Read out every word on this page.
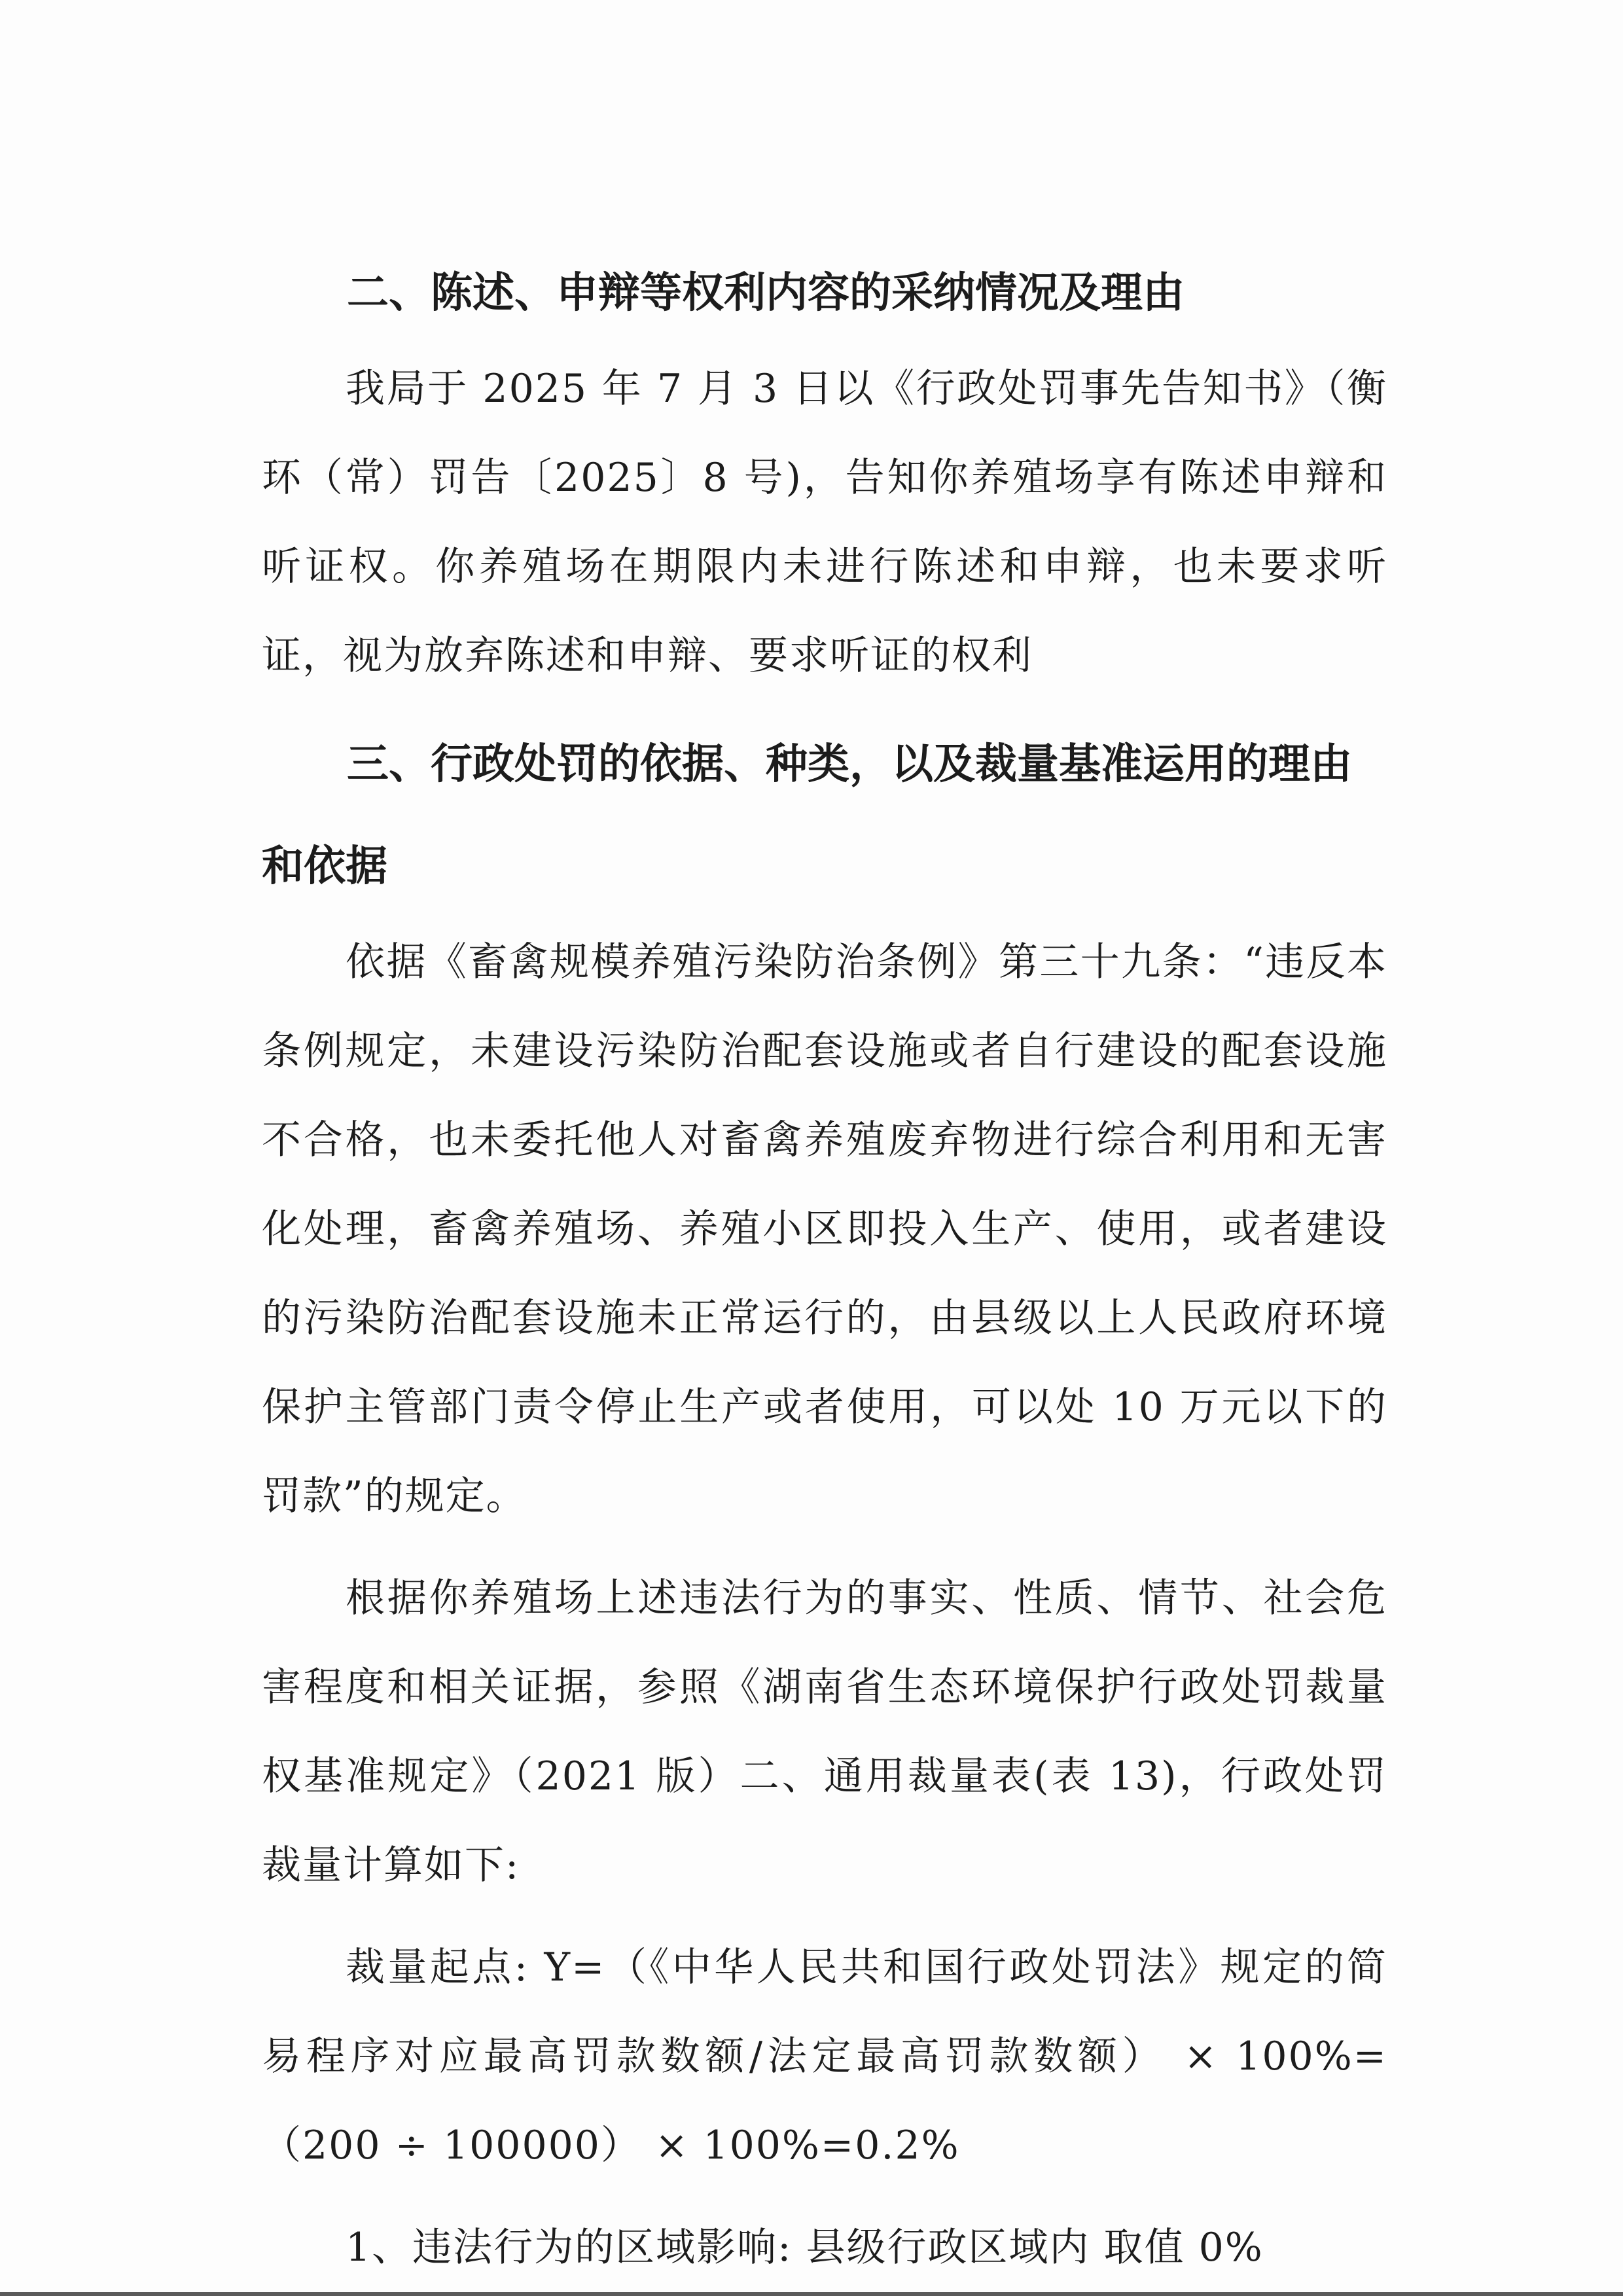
二、陈述、申辩等权利内容的采纳情况及理由

我局于 2025 年 7 月 3 日以《行政处罚事先告知书》（衡环（常）罚告〔2025〕8 号)，告知你养殖场享有陈述申辩和听证权。你养殖场在期限内未进行陈述和申辩，也未要求听证，视为放弃陈述和申辩、要求听证的权利

三、行政处罚的依据、种类，以及裁量基准运用的理由和依据

依据《畜禽规模养殖污染防治条例》第三十九条：“违反本条例规定，未建设污染防治配套设施或者自行建设的配套设施不合格，也未委托他人对畜禽养殖废弃物进行综合利用和无害化处理，畜禽养殖场、养殖小区即投入生产、使用，或者建设的污染防治配套设施未正常运行的，由县级以上人民政府环境保护主管部门责令停止生产或者使用，可以处 10 万元以下的罚款”的规定。

根据你养殖场上述违法行为的事实、性质、情节、社会危害程度和相关证据，参照《湖南省生态环境保护行政处罚裁量权基准规定》（2021 版）二、通用裁量表(表 13)，行政处罚裁量计算如下:

裁量起点: Y=（《中华人民共和国行政处罚法》规定的简易程序对应最高罚款数额/法定最高罚款数额） × 100%=（200 ÷ 100000） × 100%=0.2%

1、违法行为的区域影响: 县级行政区域内 取值 0%
